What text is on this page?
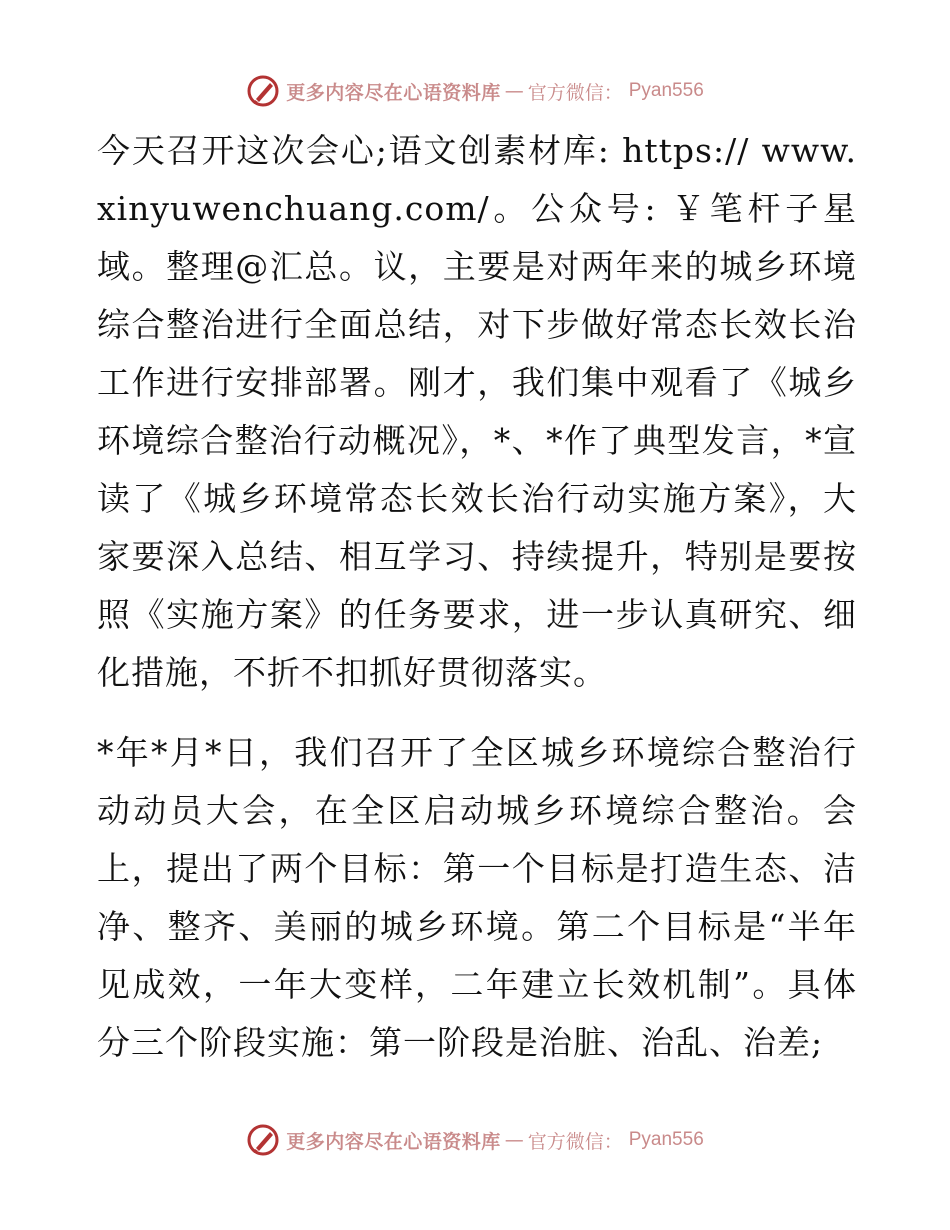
更多内容尽在心语资料库 — 官方微信： Pyan556

今天召开这次会心;语文创素材库: https:// www.xinyuwenchuang.com/。公众号: ￥笔杆子星域。整理@汇总。议，主要是对两年来的城乡环境综合整治进行全面总结，对下步做好常态长效长治工作进行安排部署。刚才，我们集中观看了《城乡环境综合整治行动概况》，*、*作了典型发言，*宣读了《城乡环境常态长效长治行动实施方案》，大家要深入总结、相互学习、持续提升，特别是要按照《实施方案》的任务要求，进一步认真研究、细化措施，不折不扣抓好贯彻落实。

*年*月*日，我们召开了全区城乡环境综合整治行动动员大会，在全区启动城乡环境综合整治。会上，提出了两个目标：第一个目标是打造生态、洁净、整齐、美丽的城乡环境。第二个目标是“半年见成效，一年大变样，二年建立长效机制”。具体分三个阶段实施：第一阶段是治脏、治乱、治差;

更多内容尽在心语资料库 — 官方微信： Pyan556
